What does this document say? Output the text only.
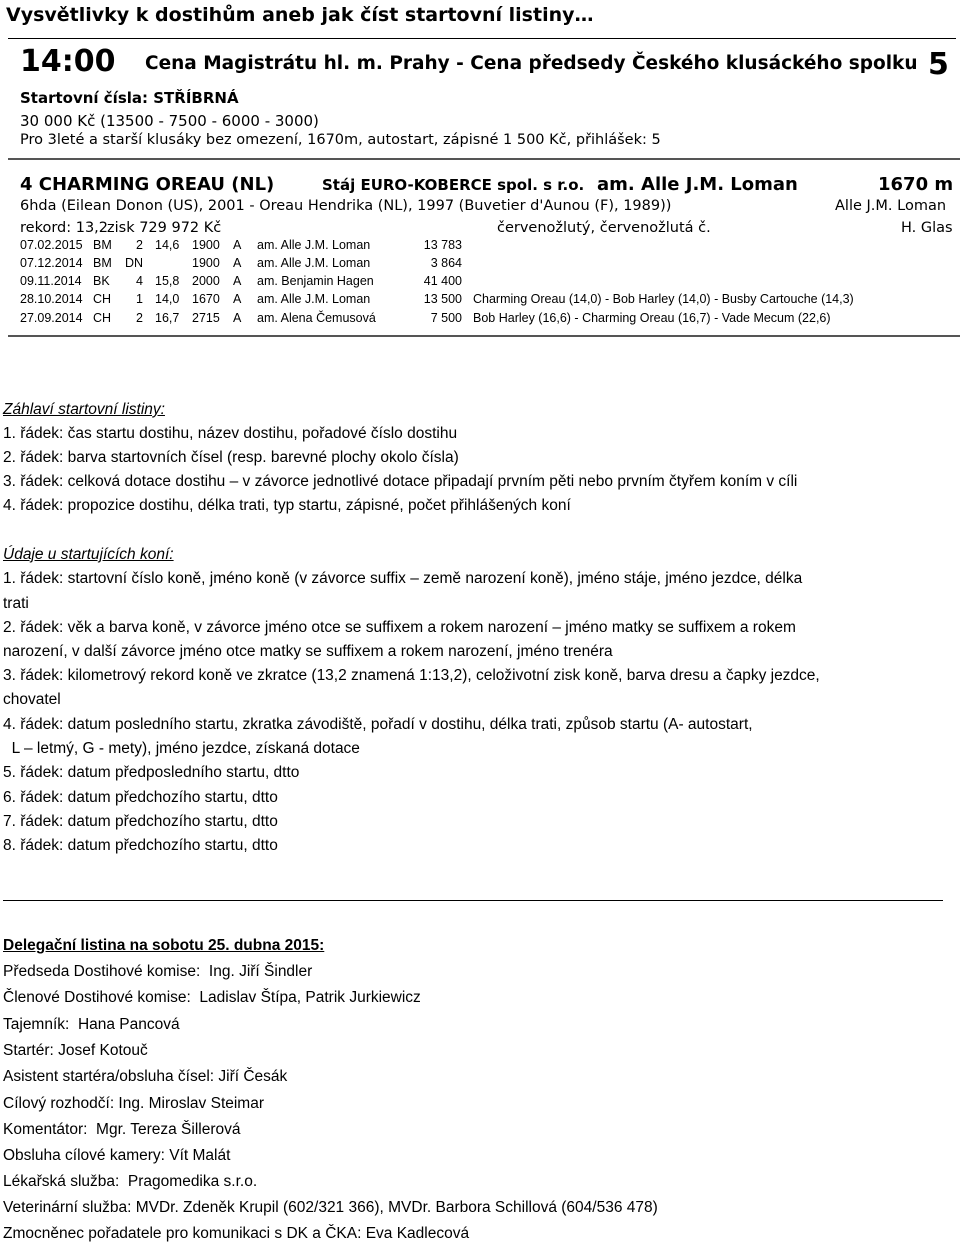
Vysvětlivky k dostihům aneb jak číst startovní listiny…
14:00 Cena Magistrátu hl. m. Prahy - Cena předsedy Českého klusáckého spolku 5
Startovní čísla: STŘÍBRNÁ
30 000 Kč (13500 - 7500 - 6000 - 3000)
Pro 3leté a starší klusáky bez omezení, 1670m, autostart, zápisné 1 500 Kč, přihlášek: 5
4 CHARMING OREAU (NL)	Stáj EURO-KOBERCE spol. s r.o. am. Alle J.M. Loman	1670 m
6hda (Eilean Donon (US), 2001 - Oreau Hendrika (NL), 1997 (Buvetier d'Aunou (F), 1989))	Alle J.M. Loman
rekord: 13,2
zisk 729 972 Kč	červenožlutý, červenožlutá č.	H. Glas
07.02.2015 BM 2 14,6 1900 A am. Alle J.M. Loman	13 783
07.12.2014 BM DN	1900 A am. Alle J.M. Loman	3 864
09.11.2014 BK 4 15,8 2000 A am. Benjamin Hagen	41 400
28.10.2014 CH 1 14,0 1670 A am. Alle J.M. Loman	13 500 Charming Oreau (14,0) - Bob Harley (14,0) - Busby Cartouche (14,3)
27.09.2014 CH 2 16,7 2715 A am. Alena Čemusová	7 500 Bob Harley (16,6) - Charming Oreau (16,7) - Vade Mecum (22,6)
Záhlaví startovní listiny:
1. řádek: čas startu dostihu, název dostihu, pořadové číslo dostihu
2. řádek: barva startovních čísel (resp. barevné plochy okolo čísla)
3. řádek: celková dotace dostihu – v závorce jednotlivé dotace připadají prvním pěti nebo prvním čtyřem koním v cíli
4. řádek: propozice dostihu, délka trati, typ startu, zápisné, počet přihlášených koní
Údaje u startujících koní:
1. řádek: startovní číslo koně, jméno koně (v závorce suffix – země narození koně), jméno stáje, jméno jezdce, délka
trati
2. řádek: věk a barva koně, v závorce jméno otce se suffixem a rokem narození – jméno matky se suffixem a rokem
narození, v další závorce jméno otce matky se suffixem a rokem narození, jméno trenéra
3. řádek: kilometrový rekord koně ve zkratce (13,2 znamená 1:13,2), celoživotní zisk koně, barva dresu a čapky jezdce,
chovatel
4. řádek: datum posledního startu, zkratka závodiště, pořadí v dostihu, délka trati, způsob startu (A- autostart,
L – letmý, G - mety), jméno jezdce, získaná dotace
5. řádek: datum předposledního startu, dtto
6. řádek: datum předchozího startu, dtto
7. řádek: datum předchozího startu, dtto
8. řádek: datum předchozího startu, dtto
Delegační listina na sobotu 25. dubna 2015:
Předseda Dostihové komise:  Ing. Jiří Šindler
Členové Dostihové komise:  Ladislav Štípa, Patrik Jurkiewicz
Tajemník:  Hana Pancová
Startér: Josef Kotouč
Asistent startéra/obsluha čísel: Jiří Česák
Cílový rozhodčí: Ing. Miroslav Steimar
Komentátor:  Mgr. Tereza Šillerová
Obsluha cílové kamery: Vít Malát
Lékařská služba:  Pragomedika s.r.o.
Veterinární služba: MVDr. Zdeněk Krupil (602/321 366), MVDr. Barbora Schillová (604/536 478)
Zmocněnec pořadatele pro komunikaci s DK a ČKA: Eva Kadlecová
